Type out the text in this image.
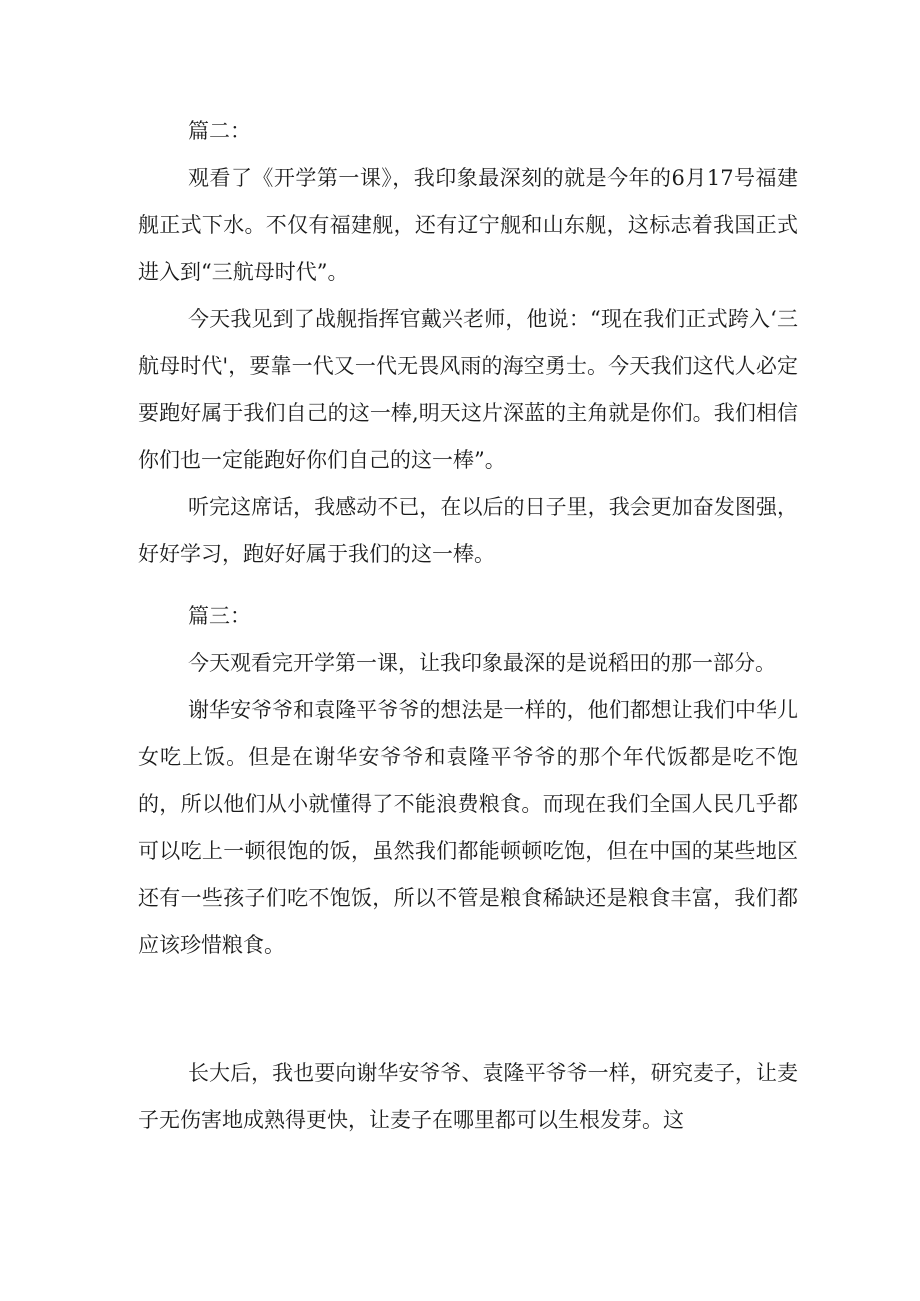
篇二：

观看了《开学第一课》，我印象最深刻的就是今年的6月17号福建舰正式下水。不仅有福建舰，还有辽宁舰和山东舰，这标志着我国正式进入到“三航母时代”。

今天我见到了战舰指挥官戴兴老师，他说：“现在我们正式跨入‘三航母时代'，要靠一代又一代无畏风雨的海空勇士。今天我们这代人必定要跑好属于我们自己的这一棒,明天这片深蓝的主角就是你们。我们相信你们也一定能跑好你们自己的这一棒”。

听完这席话，我感动不已，在以后的日子里，我会更加奋发图强，好好学习，跑好好属于我们的这一棒。

篇三：

今天观看完开学第一课，让我印象最深的是说稻田的那一部分。

谢华安爷爷和袁隆平爷爷的想法是一样的，他们都想让我们中华儿女吃上饭。但是在谢华安爷爷和袁隆平爷爷的那个年代饭都是吃不饱的，所以他们从小就懂得了不能浪费粮食。而现在我们全国人民几乎都可以吃上一顿很饱的饭，虽然我们都能顿顿吃饱，但在中国的某些地区还有一些孩子们吃不饱饭，所以不管是粮食稀缺还是粮食丰富，我们都应该珍惜粮食。

长大后，我也要向谢华安爷爷、袁隆平爷爷一样，研究麦子，让麦子无伤害地成熟得更快，让麦子在哪里都可以生根发芽。这
